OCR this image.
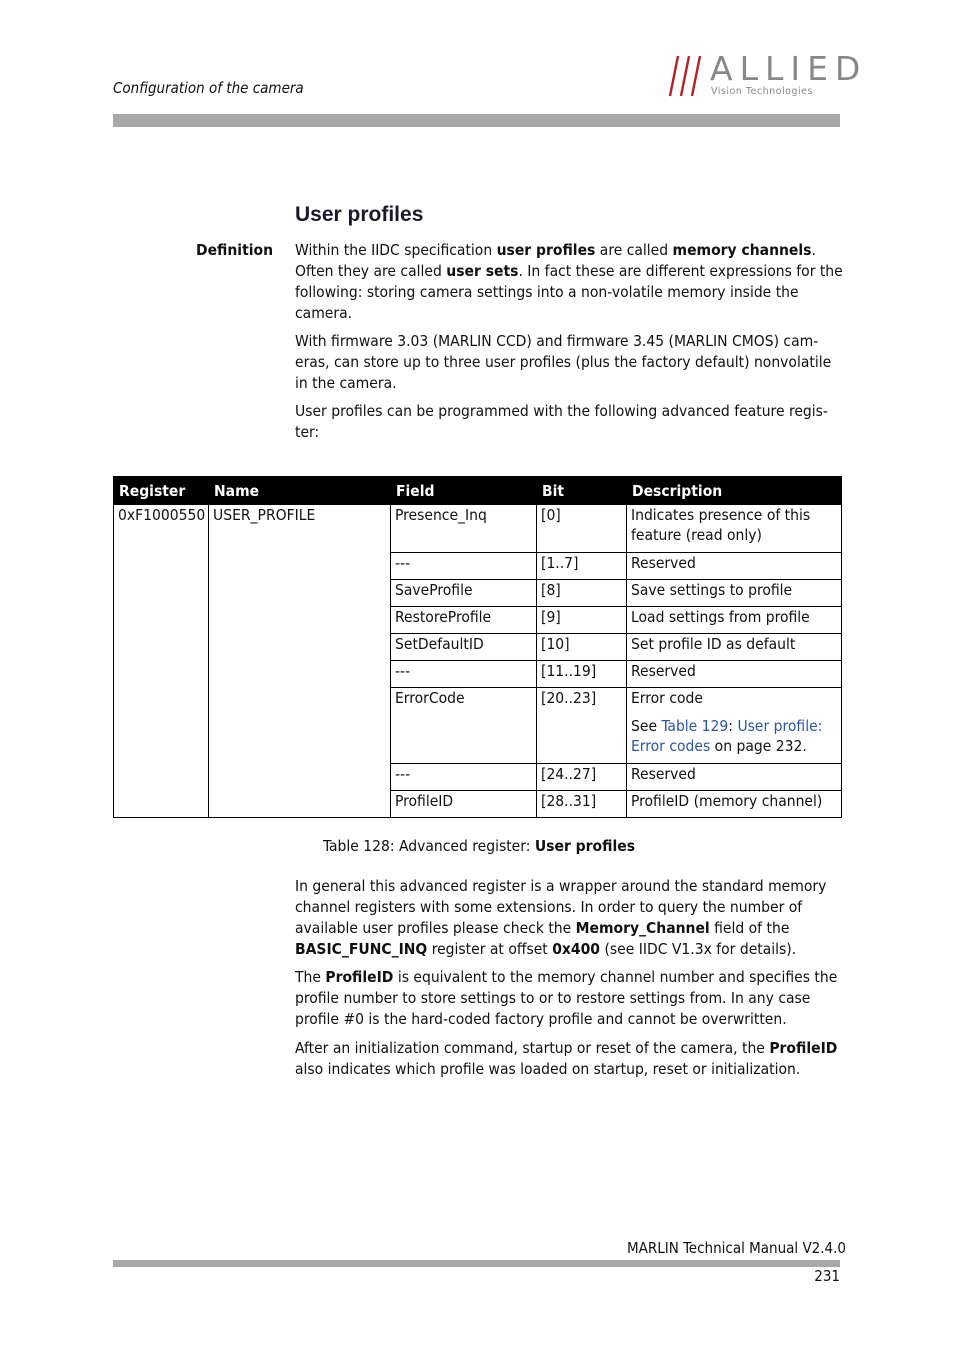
Configuration of the camera	ALLIED
Vision Technologies
User profiles
Definition Within the IIDC specification user profiles are called memory channels. Often they are called user sets. In fact these are different expressions for the following: storing camera settings into a non-volatile memory inside the camera.

With firmware 3.03 (MARLIN CCD) and firmware 3.45 (MARLIN CMOS) cam-eras, can store up to three user profiles (plus the factory default) nonvolatile in the camera.

User profiles can be programmed with the following advanced feature regis-ter:

Register	Name	Field	Bit	Description
0xF1000550	USER_PROFILE	Presence_Inq	[0]	Indicates presence of this feature (read only)
		---	[1..7]	Reserved
		SaveProfile	[8]	Save settings to profile
		RestoreProfile	[9]	Load settings from profile
		SetDefaultID	[10]	Set profile ID as default
		---	[11..19]	Reserved
		ErrorCode	[20..23]	Error code
See Table 129: User profile: Error codes on page 232.

		---	[24..27]	Reserved
		ProfileID	[28..31]	ProfileID (memory channel)
Table 128: Advanced register: User profiles

In general this advanced register is a wrapper around the standard memory channel registers with some extensions. In order to query the number of available user profiles please check the Memory_Channel field of the BASIC_FUNC_INQ register at offset 0x400 (see IIDC V1.3x for details).

The ProfileID is equivalent to the memory channel number and specifies the profile number to store settings to or to restore settings from. In any case profile #0 is the hard-coded factory profile and cannot be overwritten.

After an initialization command, startup or reset of the camera, the ProfileID also indicates which profile was loaded on startup, reset or initialization.

MARLIN Technical Manual V2.4.0
231
